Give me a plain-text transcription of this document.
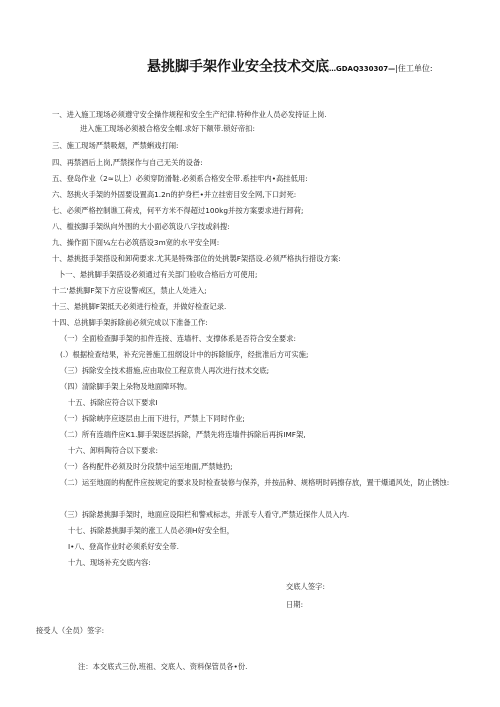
悬挑脚手架作业安全技术交底…GDAQ330307—|住工单位:
一、进入施工现场必须遵守安全操作规程和安全生产纪律.特种作业人员必发持证上岗.
进入施工现场必须被合格安全帽.求好下额带.锁好帝扣:
三、施工现场严禁吸烟，严禁蝌戏打闹:
四、再禁酒后上岗,严禁探作与自己无关的设备:
五、登岛作业（2≈以上）必须穿防滑鞋.必须系合格安全带.系挂牢内•高挂低用:
六、怒挑火手架的外固要设置高1.2n的护身栏•并立挂密目安全网,下口封死:
七、必须严格控制谯工荷戎，何平方米不得超过100kg并按方案要求进行卸荷;
八、槛挨脚手架纵向外围的大小面必筑设八字技或斜搜:
九、操作面下面¼左右必筑搭设3m宽的水平安全网:
十、悬挑挺手架搭设和卸荷要求.尤其是特殊部位的处挑製F架搭设.必须严格执行措设方案:
卜一、悬挑脚手架搭设必须通过有关部门验收合格后方可使用;
十二'悬挑脚F架下方应设警戒区，禁止人处进入;
十三、悬挑脚F架抵天必须进行检查，并做好检查记录.
十四、总挑脚手架拆除前必须完成以下准备工作:
（一）全面检查脚手架的扣件连接、连墙杆、支撑体系是否符合安全要求:
(.）根据检查结果，补充完善施工扭纲设计中的拆除版序，经批准后方可实施;
（三）拆除安全技术措施,应由取位工程京贵人再次进行技术交底;
（四）清除脚手架上朵物及地面障环物。
十五、拆除应符合以下要求I
（一）拆除峡序应逐层由上而下进行，严禁上下同时作业;
（二）所有连端件应K1.脚手架逐层拆除，严禁先将连墙件拆除后再拆IMF架,
十六、卸料陶符合以下要求:
（一）各构配件必须及时分段禁中运至地面,严禁她扔;
（二）运至地面的构配件应按规定的要求及时检查装修与保养，并按品种、规格明时码擦存放，置干爆通风处，防止锈蚀:
（三）拆除悬挑脚手架时，地面应设阳栏和警戒标志，并派专人看守,严禁近探作人员入内.
十七、拆除悬挑脚手架的涨工人员必須H好安全怛，
I•八、登高作业时必须系好安全带.
十九、现场补充交底内容:
交底人签字:
日期:
接受人（全员）签字:
注：本交底式三份,班祖、交底人、资料保管员各•份.
